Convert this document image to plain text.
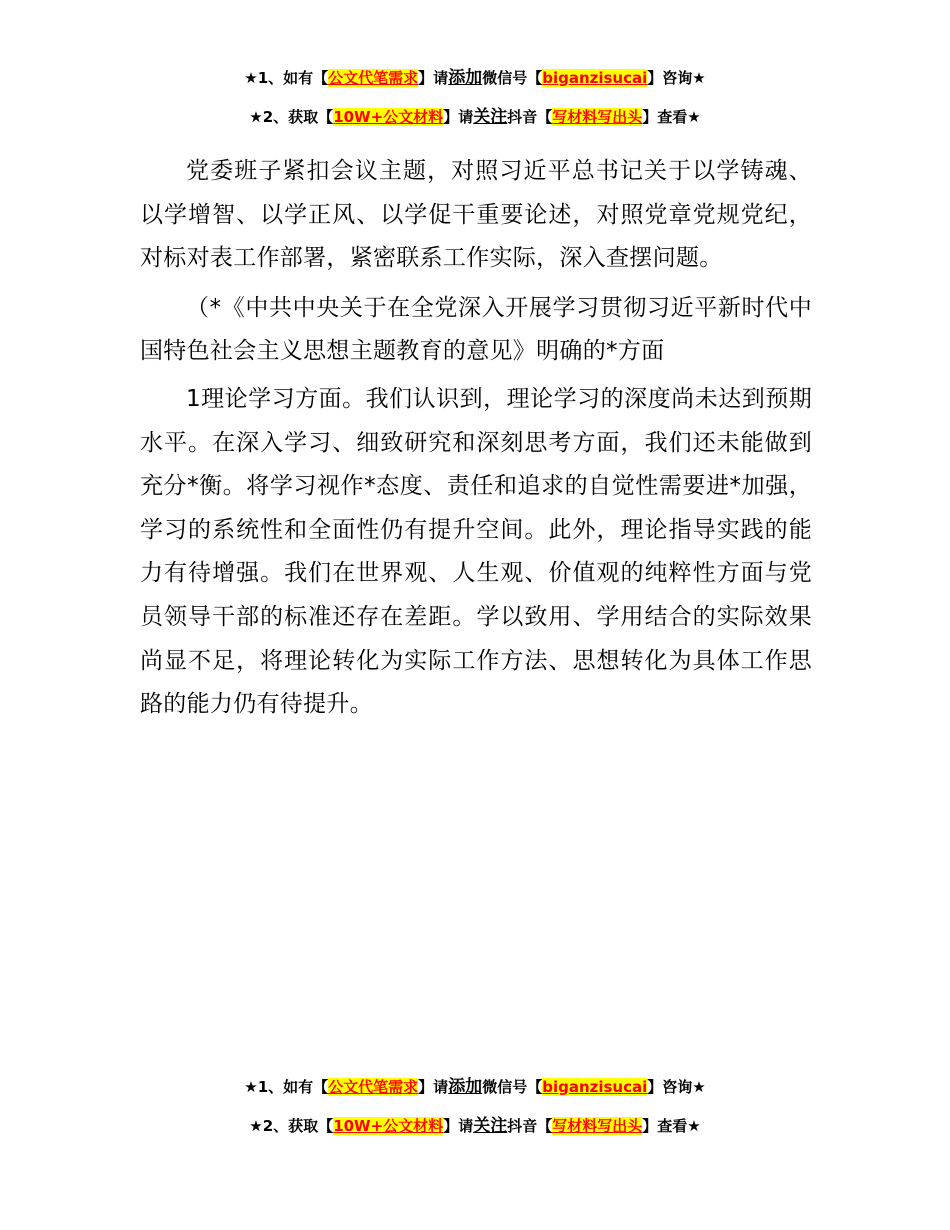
★1、如有【公文代笔需求】请添加微信号【biganzisucai】咨询★
★2、获取【10W+公文材料】请关注抖音【写材料写出头】查看★

党委班子紧扣会议主题，对照习近平总书记关于以学铸魂、以学增智、以学正风、以学促干重要论述，对照党章党规党纪，对标对表工作部署，紧密联系工作实际，深入查摆问题。

（*《中共中央关于在全党深入开展学习贯彻习近平新时代中国特色社会主义思想主题教育的意见》明确的*方面

1理论学习方面。我们认识到，理论学习的深度尚未达到预期水平。在深入学习、细致研究和深刻思考方面，我们还未能做到充分*衡。将学习视作*态度、责任和追求的自觉性需要进*加强，学习的系统性和全面性仍有提升空间。此外，理论指导实践的能力有待增强。我们在世界观、人生观、价值观的纯粹性方面与党员领导干部的标准还存在差距。学以致用、学用结合的实际效果尚显不足，将理论转化为实际工作方法、思想转化为具体工作思路的能力仍有待提升。

★1、如有【公文代笔需求】请添加微信号【biganzisucai】咨询★
★2、获取【10W+公文材料】请关注抖音【写材料写出头】查看★
